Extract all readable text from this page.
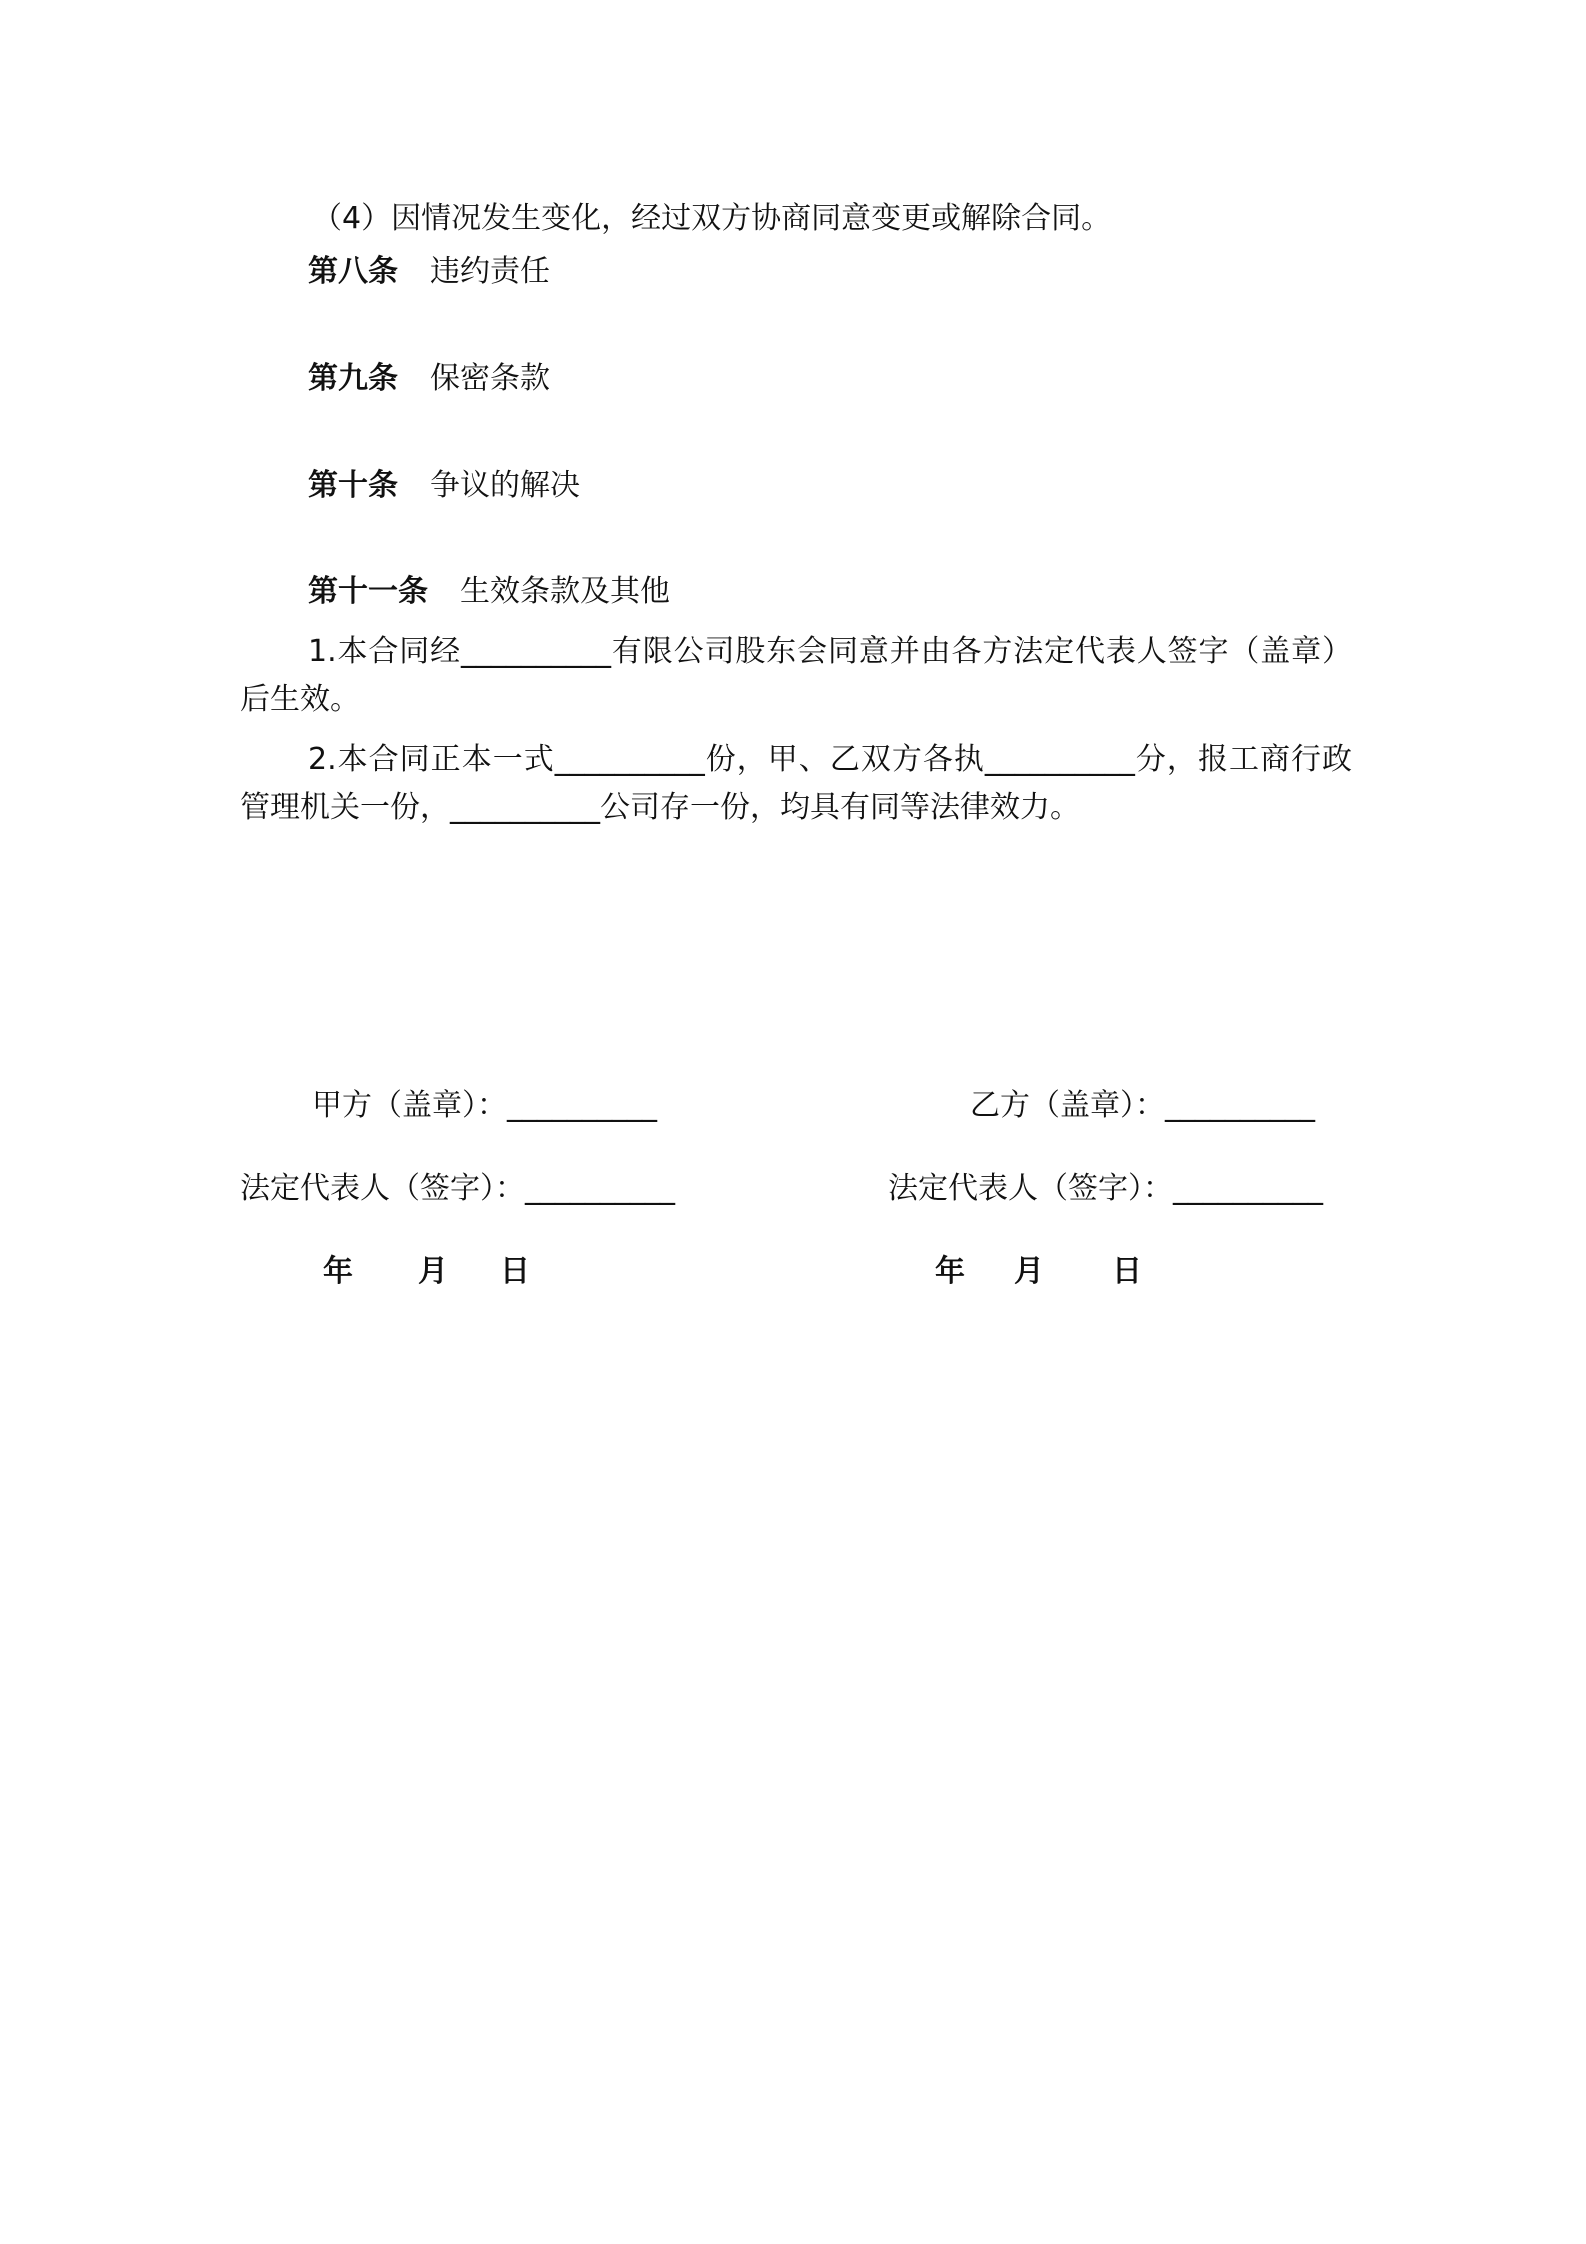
（4）因情况发生变化，经过双方协商同意变更或解除合同。
第八条 违约责任
第九条 保密条款
第十条 争议的解决
第十一条 生效条款及其他
1.本合同经__________有限公司股东会同意并由各方法定代表人签字（盖章）后生效。
2.本合同正本一式__________份，甲、乙双方各执__________分，报工商行政管理机关一份，__________公司存一份，均具有同等法律效力。
甲方（盖章）：__________	乙方（盖章）：__________
法定代表人（签字）：__________	法定代表人（签字）：__________
年 月 日	年 月 日
